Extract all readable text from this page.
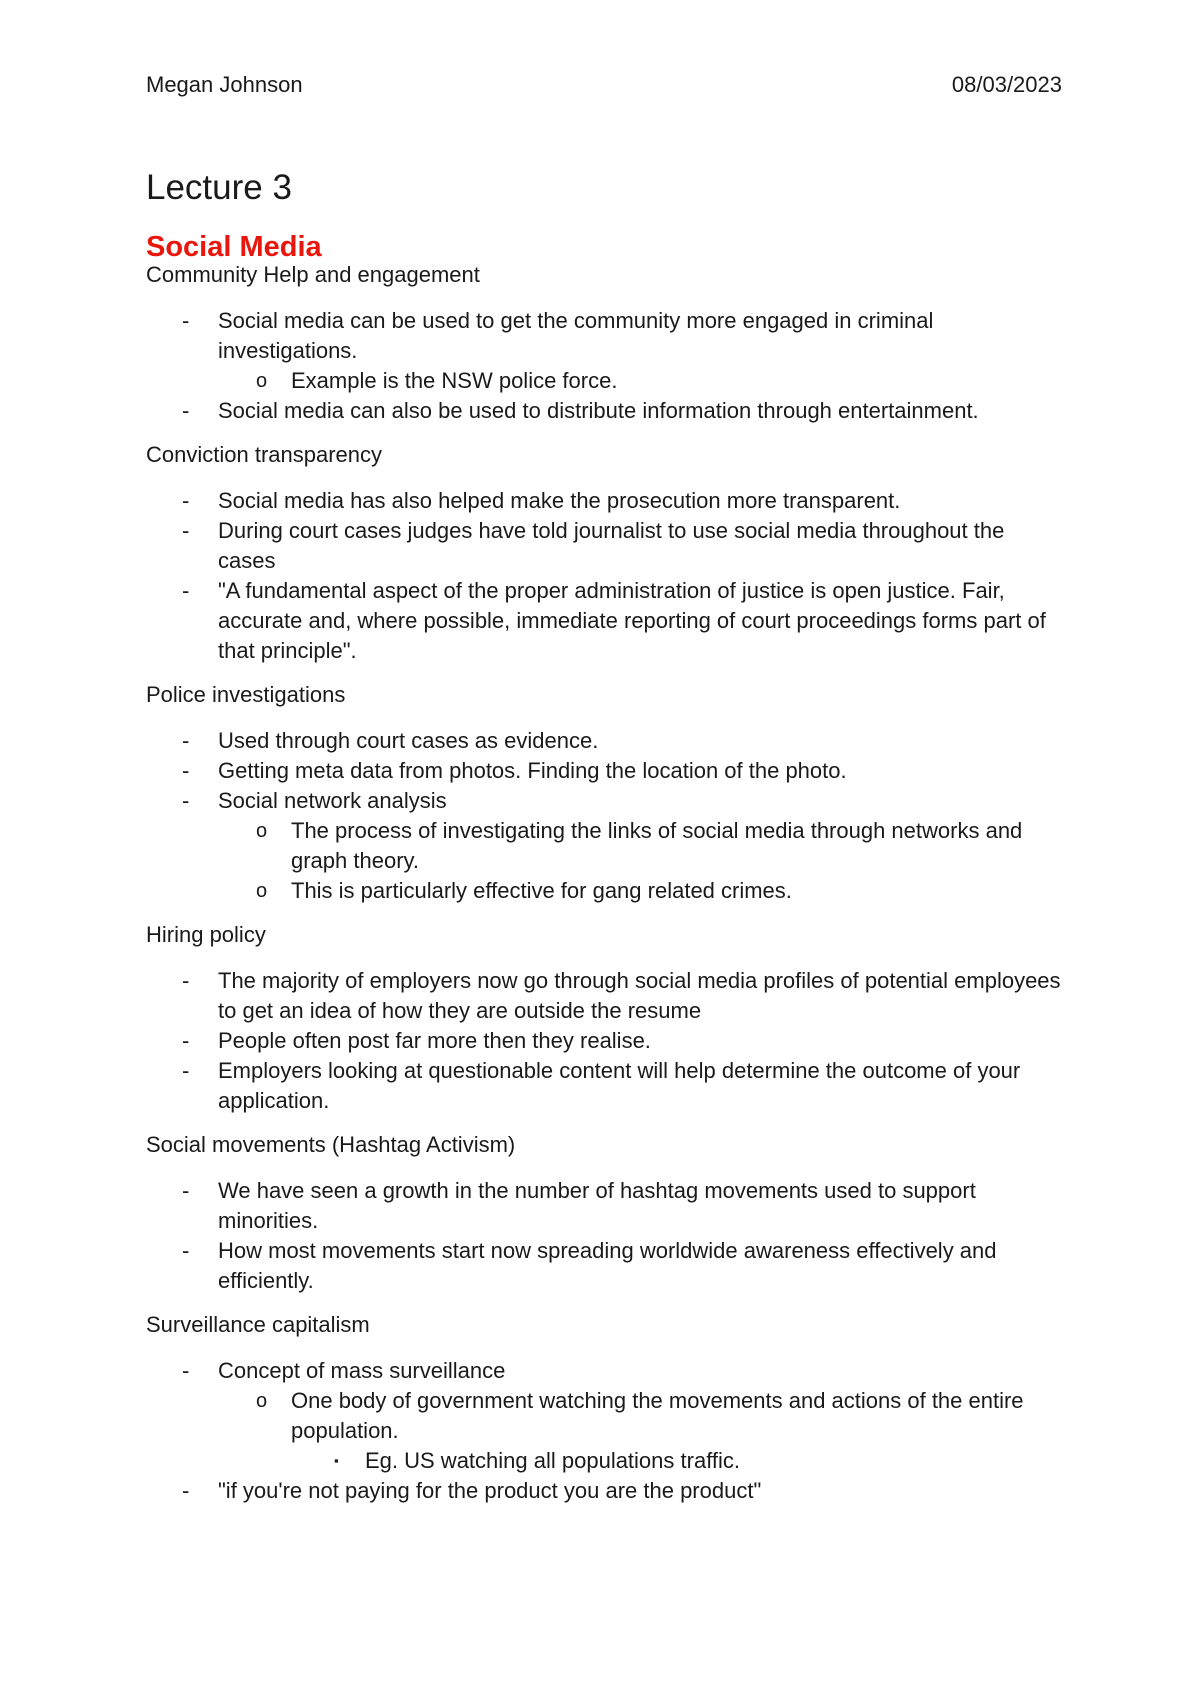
Megan Johnson	08/03/2023
Lecture 3
Social Media
Community Help and engagement
-	Social media can be used to get the community more engaged in criminal investigations.
o	Example is the NSW police force.
-	Social media can also be used to distribute information through entertainment.
Conviction transparency
-	Social media has also helped make the prosecution more transparent.
-	During court cases judges have told journalist to use social media throughout the cases
-	"A fundamental aspect of the proper administration of justice is open justice. Fair, accurate and, where possible, immediate reporting of court proceedings forms part of that principle".
Police investigations
-	Used through court cases as evidence.
-	Getting meta data from photos. Finding the location of the photo.
-	Social network analysis
o	The process of investigating the links of social media through networks and graph theory.
o	This is particularly effective for gang related crimes.
Hiring policy
-	The majority of employers now go through social media profiles of potential employees to get an idea of how they are outside the resume
-	People often post far more then they realise.
-	Employers looking at questionable content will help determine the outcome of your application.
Social movements (Hashtag Activism)
-	We have seen a growth in the number of hashtag movements used to support minorities.
-	How most movements start now spreading worldwide awareness effectively and efficiently.
Surveillance capitalism
-	Concept of mass surveillance
o	One body of government watching the movements and actions of the entire population.
▪	Eg. US watching all populations traffic.
-	"if you're not paying for the product you are the product"
